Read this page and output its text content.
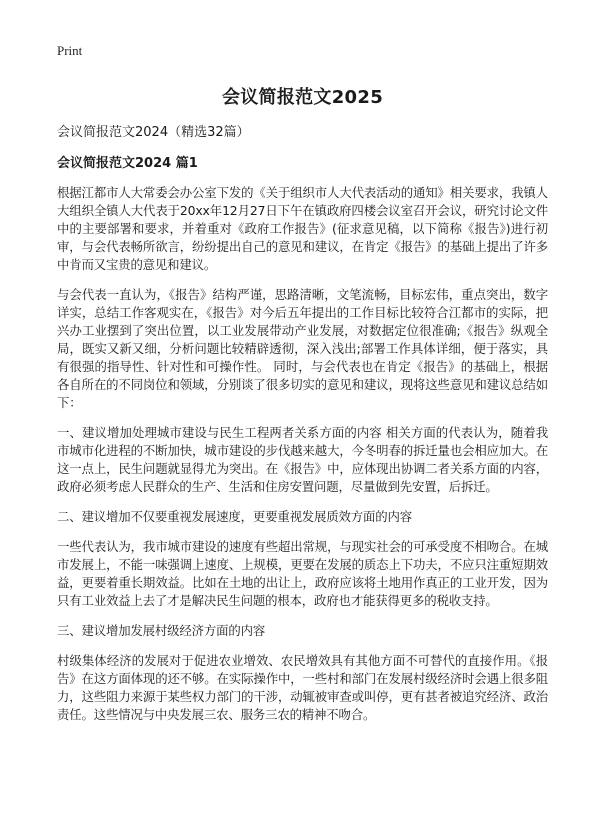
Print
会议简报范文2025
会议简报范文2024（精选32篇）
会议简报范文2024 篇1

根据江都市人大常委会办公室下发的《关于组织市人大代表活动的通知》相关要求，我镇人大组织全镇人大代表于20xx年12月27日下午在镇政府四楼会议室召开会议，研究讨论文件中的主要部署和要求，并着重对《政府工作报告》(征求意见稿，以下简称《报告》)进行初审，与会代表畅所欲言，纷纷提出自己的意见和建议，在肯定《报告》的基础上提出了许多中肯而又宝贵的意见和建议。

与会代表一直认为，《报告》结构严谨，思路清晰，文笔流畅，目标宏伟，重点突出，数字详实，总结工作客观实在，《报告》对今后五年提出的工作目标比较符合江都市的实际，把兴办工业摆到了突出位置，以工业发展带动产业发展，对数据定位很准确;《报告》纵观全局，既实又新又细，分析问题比较精辟透彻，深入浅出;部署工作具体详细，便于落实，具有很强的指导性、针对性和可操作性。 同时，与会代表也在肯定《报告》的基础上，根据各自所在的不同岗位和领域，分别谈了很多切实的意见和建议，现将这些意见和建议总结如下：

一、建议增加处理城市建设与民生工程两者关系方面的内容 相关方面的代表认为，随着我市城市化进程的不断加快，城市建设的步伐越来越大，今冬明春的拆迁量也会相应加大。在这一点上，民生问题就显得尤为突出。在《报告》中，应体现出协调二者关系方面的内容，政府必须考虑人民群众的生产、生活和住房安置问题，尽量做到先安置，后拆迁。

二、建议增加不仅要重视发展速度，更要重视发展质效方面的内容

一些代表认为，我市城市建设的速度有些超出常规，与现实社会的可承受度不相吻合。在城市发展上，不能一味强调上速度、上规模，更要在发展的质态上下功夫，不应只注重短期效益，更要着重长期效益。比如在土地的出让上，政府应该将土地用作真正的工业开发，因为只有工业效益上去了才是解决民生问题的根本，政府也才能获得更多的税收支持。

三、建议增加发展村级经济方面的内容

村级集体经济的发展对于促进农业增效、农民增效具有其他方面不可替代的直接作用。《报告》在这方面体现的还不够。在实际操作中，一些村和部门在发展村级经济时会遇上很多阻力，这些阻力来源于某些权力部门的干涉，动辄被审查或叫停，更有甚者被追究经济、政治责任。这些情况与中央发展三农、服务三农的精神不吻合。
